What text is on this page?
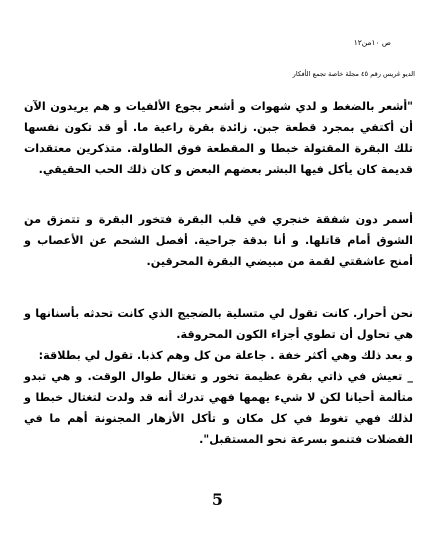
ص ١٠من١٢
الديو غريس رقم ٤٥ مجلة خاصة تجمع الأفكار

"أشعر بالضغط و لدي شهوات و أشعر بجوع الألفيات و هم يريدون الآن أن أكتفي بمجرد قطعة جبن. زائدة بقرة راعية ما. أو قد تكون نفسها تلك البقرة المقتولة خبطا و المقطعة فوق الطاولة. متذكرين معتقدات قديمة كان يأكل فيها البشر بعضهم البعض و كان ذلك الحب الحقيقي.

أسمر دون شفقة خنجري في قلب البقرة فتخور البقرة و تتمزق من الشوق أمام قاتلها. و أنا بدقة جراحية. أفصل الشحم عن الأعصاب و أمنح عاشقتي لقمة من مبيضي البقرة المحرقين.

نحن أحرار. كانت تقول لي متسلية بالضجيج الذي كانت تحدثه بأسنانها و هي تحاول أن تطوي أجزاء الكون المحروقة.

و بعد ذلك وهي أكثر خفة . جاعلة من كل وهم كذبا. تقول لي بطلاقة:

_ تعيش في ذاتي بقرة عظيمة تخور و تغتال طوال الوقت. و هي تبدو متألمة أحيانا لكن لا شيء يهمها فهي تدرك أنه قد ولدت لتغتال خبطا و لذلك فهي تغوط في كل مكان و تأكل الأزهار المجنونة أهم ما في الفضلات فتنمو بسرعة نحو المستقبل".

5
